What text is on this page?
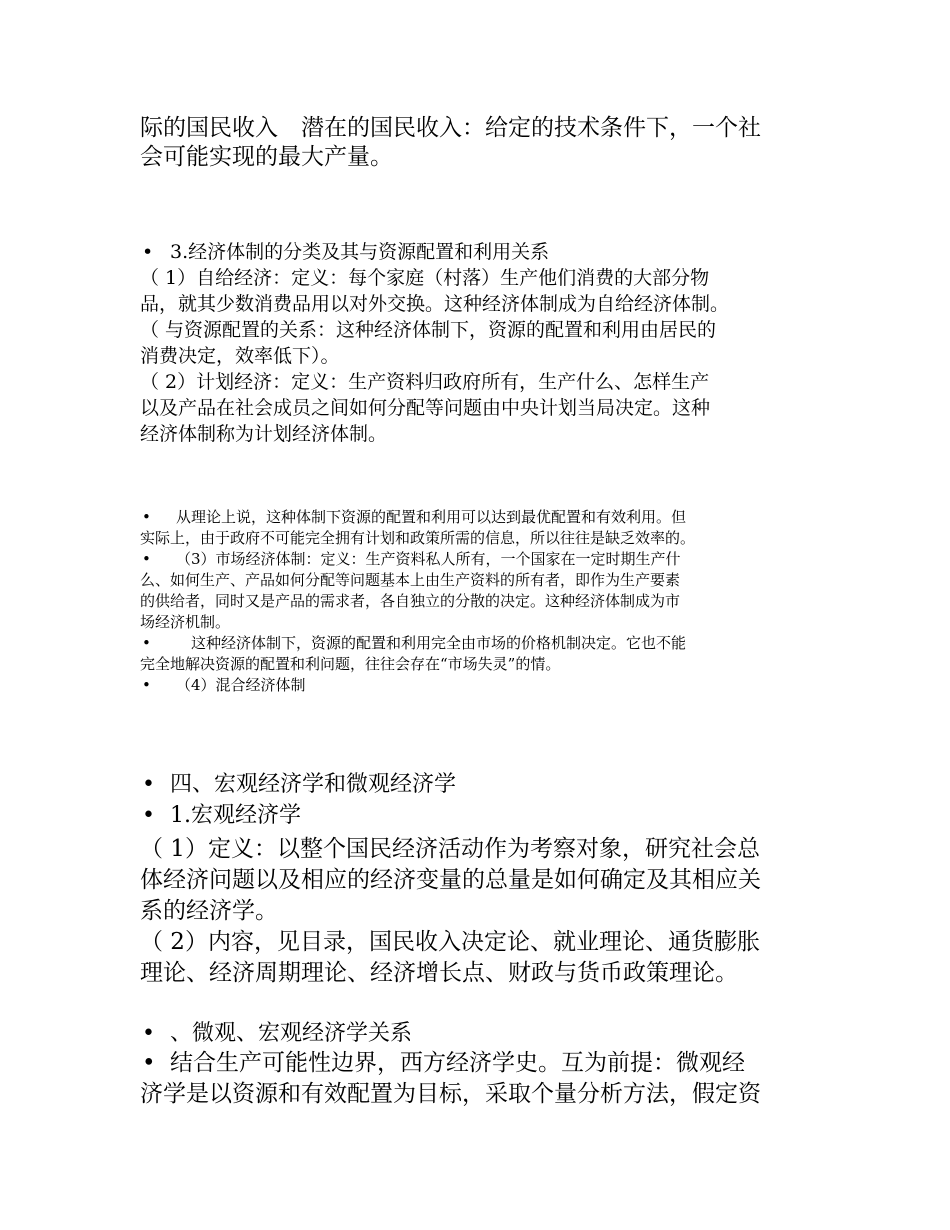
际的国民收入　潜在的国民收入：给定的技术条件下，一个社
会可能实现的最大产量。
• 3.经济体制的分类及其与资源配置和利用关系
（ 1）自给经济：定义：每个家庭（村落）生产他们消费的大部分物
品，就其少数消费品用以对外交换。这种经济体制成为自给经济体制。
（ 与资源配置的关系：这种经济体制下，资源的配置和利用由居民的
消费决定，效率低下）。
（ 2）计划经济：定义：生产资料归政府所有，生产什么、怎样生产
以及产品在社会成员之间如何分配等问题由中央计划当局决定。这种
经济体制称为计划经济体制。
• 从理论上说，这种体制下资源的配置和利用可以达到最优配置和有效利用。但
实际上，由于政府不可能完全拥有计划和政策所需的信息，所以往往是缺乏效率的。
• （3）市场经济体制：定义：生产资料私人所有，一个国家在一定时期生产什
么、如何生产、产品如何分配等问题基本上由生产资料的所有者，即作为生产要素
的供给者，同时又是产品的需求者，各自独立的分散的决定。这种经济体制成为市
场经济机制。
• 　这种经济体制下，资源的配置和利用完全由市场的价格机制决定。它也不能
完全地解决资源的配置和利问题，往往会存在“市场失灵”的情。
• （4）混合经济体制
• 四、宏观经济学和微观经济学
• 1.宏观经济学
（ 1）定义：以整个国民经济活动作为考察对象，研究社会总
体经济问题以及相应的经济变量的总量是如何确定及其相应关
系的经济学。
（ 2）内容，见目录，国民收入决定论、就业理论、通货膨胀
理论、经济周期理论、经济增长点、财政与货币政策理论。
• 、微观、宏观经济学关系
• 结合生产可能性边界，西方经济学史。互为前提：微观经
济学是以资源和有效配置为目标，采取个量分析方法，假定资
